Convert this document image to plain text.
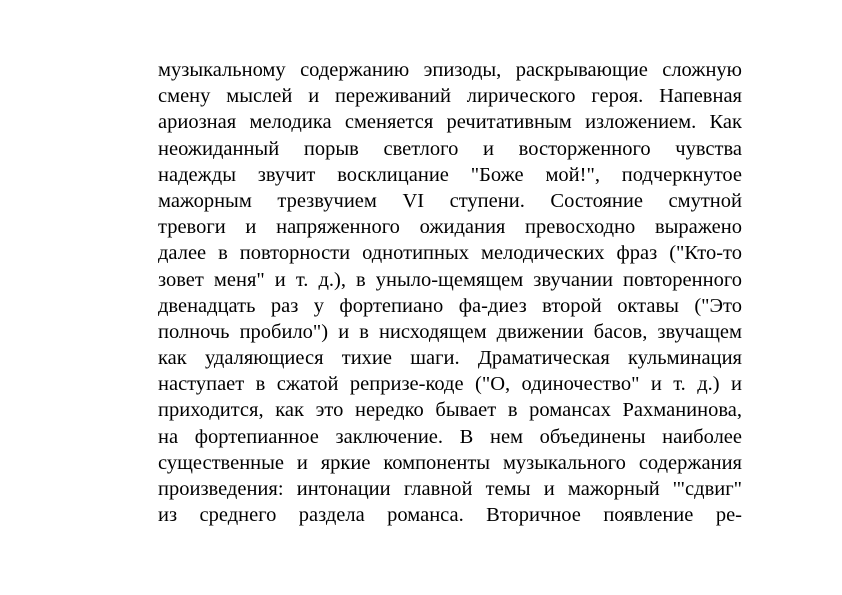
музыкальному содержанию эпизоды, раскрывающие сложную
смену мыслей и переживаний лирического героя. Напевная
ариозная мелодика сменяется речитативным изложением. Как
неожиданный порыв светлого и восторженного чувства
надежды звучит восклицание "Боже мой!", подчеркнутое
мажорным трезвучием VI ступени. Состояние смутной
тревоги и напряженного ожидания превосходно выражено
далее в повторности однотипных мелодических фраз ("Кто-то
зовет меня" и т. д.), в уныло-щемящем звучании повторенного
двенадцать раз у фортепиано фа-диез второй октавы ("Это
полночь пробило") и в нисходящем движении басов, звучащем
как удаляющиеся тихие шаги. Драматическая кульминация
наступает в сжатой репризе-коде ("О, одиночество" и т. д.) и
приходится, как это нередко бывает в романсах Рахманинова,
на фортепианное заключение. В нем объединены наиболее
существенные и яркие компоненты музыкального содержания
произведения: интонации главной темы и мажорный '"сдвиг"
из среднего раздела романса. Вторичное появление ре-
